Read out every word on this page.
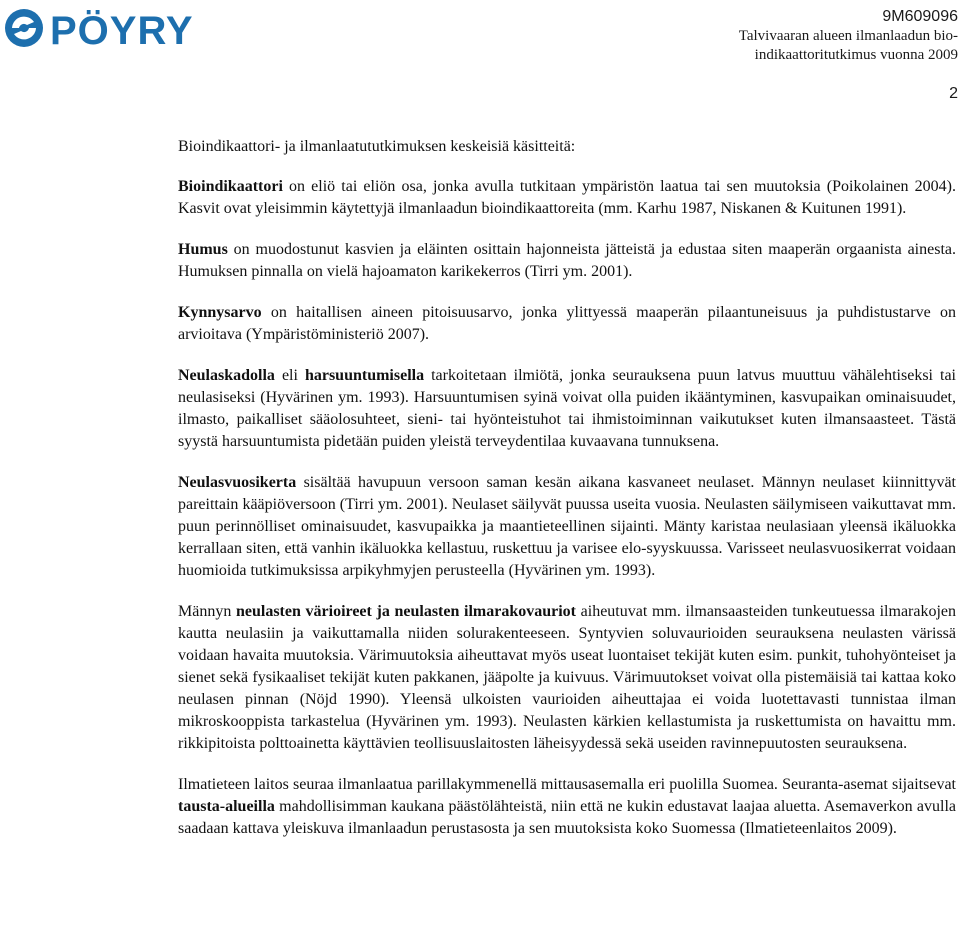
PÖYRY	9M609096
Talvivaaran alueen ilmanlaadun bio-indikaattoritutkimus vuonna 2009
2

Bioindikaattori- ja ilmanlaatututkimuksen keskeisiä käsitteitä:

Bioindikaattori on eliö tai eliön osa, jonka avulla tutkitaan ympäristön laatua tai sen muutoksia (Poikolainen 2004). Kasvit ovat yleisimmin käytettyjä ilmanlaadun bioindikaattoreita (mm. Karhu 1987, Niskanen & Kuitunen 1991).

Humus on muodostunut kasvien ja eläinten osittain hajonneista jätteistä ja edustaa siten maaperän orgaanista ainesta. Humuksen pinnalla on vielä hajoamaton karikekerros (Tirri ym. 2001).

Kynnysarvo on haitallisen aineen pitoisuusarvo, jonka ylittyessä maaperän pilaantuneisuus ja puhdistustarve on arvioitava (Ympäristöministeriö 2007).

Neulaskadolla eli harsuuntumisella tarkoitetaan ilmiötä, jonka seurauksena puun latvus muuttuu vähälehtiseksi tai neulasiseksi (Hyvärinen ym. 1993). Harsuuntumisen syinä voivat olla puiden ikääntyminen, kasvupaikan ominaisuudet, ilmasto, paikalliset sääolosuhteet, sieni- tai hyönteistuhot tai ihmistoiminnan vaikutukset kuten ilmansaasteet. Tästä syystä harsuuntumista pidetään puiden yleistä terveydentilaa kuvaavana tunnuksena.

Neulasvuosikerta sisältää havupuun versoon saman kesän aikana kasvaneet neulaset. Männyn neulaset kiinnittyvät pareittain kääpiöversoon (Tirri ym. 2001). Neulaset säilyvät puussa useita vuosia. Neulasten säilymiseen vaikuttavat mm. puun perinnölliset ominaisuudet, kasvupaikka ja maantieteellinen sijainti. Mänty karistaa neulasiaan yleensä ikäluokka kerrallaan siten, että vanhin ikäluokka kellastuu, ruskettuu ja varisee elo-syyskuussa. Varisseet neulasvuosikerrat voidaan huomioida tutkimuksissa arpikyhmyjen perusteella (Hyvärinen ym. 1993).

Männyn neulasten värioireet ja neulasten ilmarakovauriot aiheutuvat mm. ilmansaasteiden tunkeutuessa ilmarakojen kautta neulasiin ja vaikuttamalla niiden solurakenteeseen. Syntyvien soluvaurioiden seurauksena neulasten värissä voidaan havaita muutoksia. Värimuutoksia aiheuttavat myös useat luontaiset tekijät kuten esim. punkit, tuhohyönteiset ja sienet sekä fysikaaliset tekijät kuten pakkanen, jääpolte ja kuivuus. Värimuutokset voivat olla pistemäisiä tai kattaa koko neulasen pinnan (Nöjd 1990). Yleensä ulkoisten vaurioiden aiheuttajaa ei voida luotettavasti tunnistaa ilman mikroskooppista tarkastelua (Hyvärinen ym. 1993). Neulasten kärkien kellastumista ja ruskettumista on havaittu mm. rikkipitoista polttoainetta käyttävien teollisuuslaitosten läheisyydessä sekä useiden ravinnepuutosten seurauksena.

Ilmatieteen laitos seuraa ilmanlaatua parillakymmenellä mittausasemalla eri puolilla Suomea. Seuranta-asemat sijaitsevat tausta-alueilla mahdollisimman kaukana päästölähteistä, niin että ne kukin edustavat laajaa aluetta. Asemaverkon avulla saadaan kattava yleiskuva ilmanlaadun perustasosta ja sen muutoksista koko Suomessa (Ilmatieteenlaitos 2009).
